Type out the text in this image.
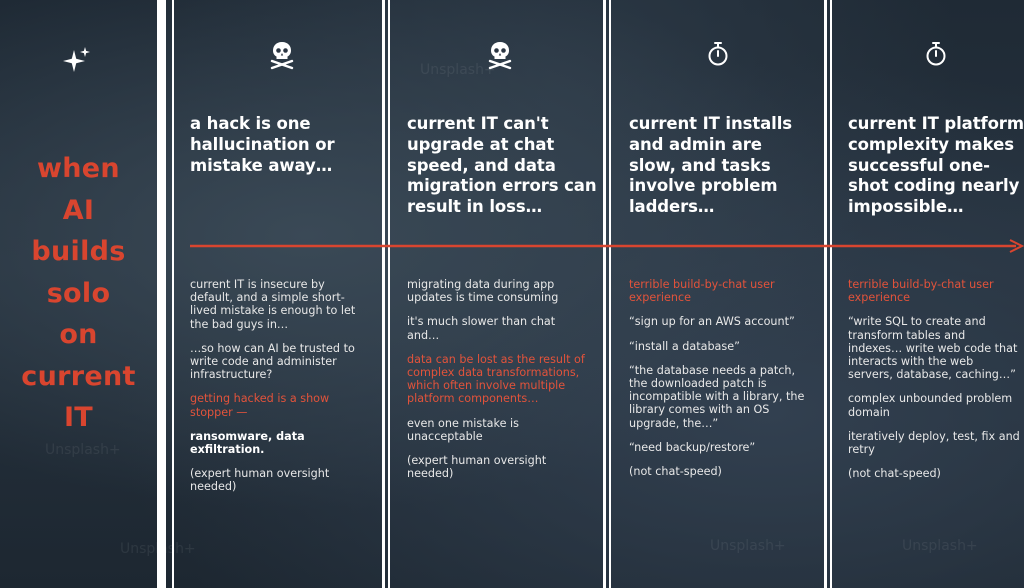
when
AI
builds
solo
on
current
IT
Unsplash+
Unsplash+
Unsplash+	Unsplash+	Unsplash+
a hack is one hallucination or mistake away…

current IT is insecure by default, and a simple short-lived mistake is enough to let the bad guys in…

…so how can AI be trusted to write code and administer infrastructure?

getting hacked is a show stopper —

ransomware, data exfiltration.

(expert human oversight needed)

current IT can't upgrade at chat speed, and data migration errors can result in loss…

migrating data during app updates is time consuming

it's much slower than chat and…

data can be lost as the result of complex data transformations, which often involve multiple platform components…

even one mistake is unacceptable

(expert human oversight needed)

current IT installs and admin are slow, and tasks involve problem ladders…

terrible build-by-chat user experience

“sign up for an AWS account”

“install a database”

“the database needs a patch, the downloaded patch is incompatible with a library, the library comes with an OS upgrade, the…”

“need backup/restore”

(not chat-speed)

current IT platform complexity makes successful one-shot coding nearly impossible…

terrible build-by-chat user experience

“write SQL to create and transform tables and indexes… write web code that interacts with the web servers, database, caching…”

complex unbounded problem domain

iteratively deploy, test, fix and retry

(not chat-speed)
